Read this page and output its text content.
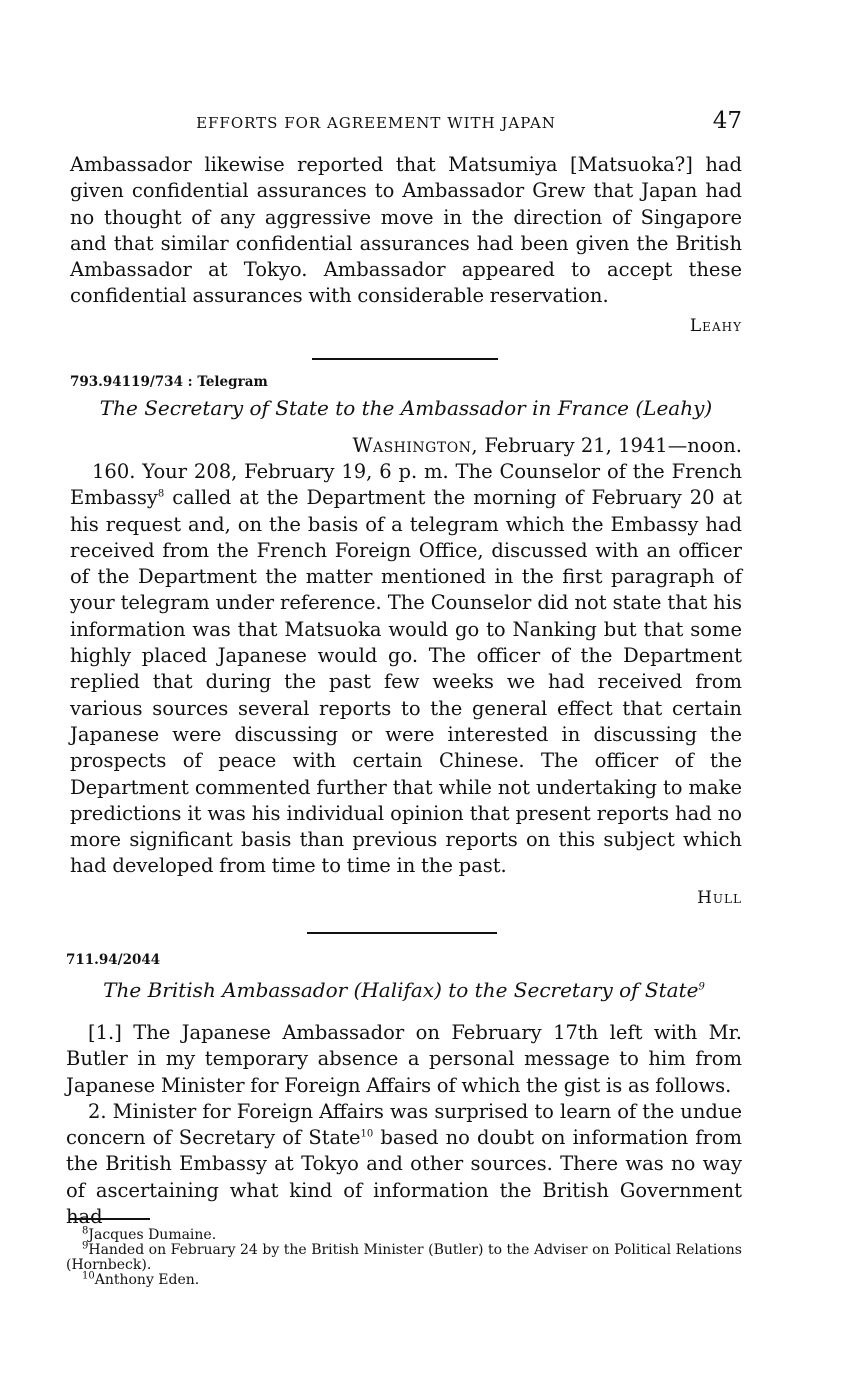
EFFORTS FOR AGREEMENT WITH JAPAN	47

Ambassador likewise reported that Matsumiya [Matsuoka?] had given confidential assurances to Ambassador Grew that Japan had no thought of any aggressive move in the direction of Singapore and that similar confidential assurances had been given the British Ambassador at Tokyo. Ambassador appeared to accept these confidential assurances with considerable reservation.

Leahy

793.94119/734 : Telegram

The Secretary of State to the Ambassador in France (Leahy)

Washington, February 21, 1941—noon.

160. Your 208, February 19, 6 p. m. The Counselor of the French Embassy$^8$ called at the Department the morning of February 20 at his request and, on the basis of a telegram which the Embassy had received from the French Foreign Office, discussed with an officer of the Department the matter mentioned in the first paragraph of your telegram under reference. The Counselor did not state that his information was that Matsuoka would go to Nanking but that some highly placed Japanese would go. The officer of the Department replied that during the past few weeks we had received from various sources several reports to the general effect that certain Japanese were discussing or were interested in discussing the prospects of peace with certain Chinese. The officer of the Department commented further that while not undertaking to make predictions it was his individual opinion that present reports had no more significant basis than previous reports on this subject which had developed from time to time in the past.

Hull

711.94/2044

The British Ambassador (Halifax) to the Secretary of State$^9$

[1.] The Japanese Ambassador on February 17th left with Mr. Butler in my temporary absence a personal message to him from Japanese Minister for Foreign Affairs of which the gist is as follows.

2. Minister for Foreign Affairs was surprised to learn of the undue concern of Secretary of State$^{10}$ based no doubt on information from the British Embassy at Tokyo and other sources. There was no way of ascertaining what kind of information the British Government had

$^8$Jacques Dumaine.

$^9$Handed on February 24 by the British Minister (Butler) to the Adviser on Political Relations (Hornbeck).

$^{10}$Anthony Eden.
